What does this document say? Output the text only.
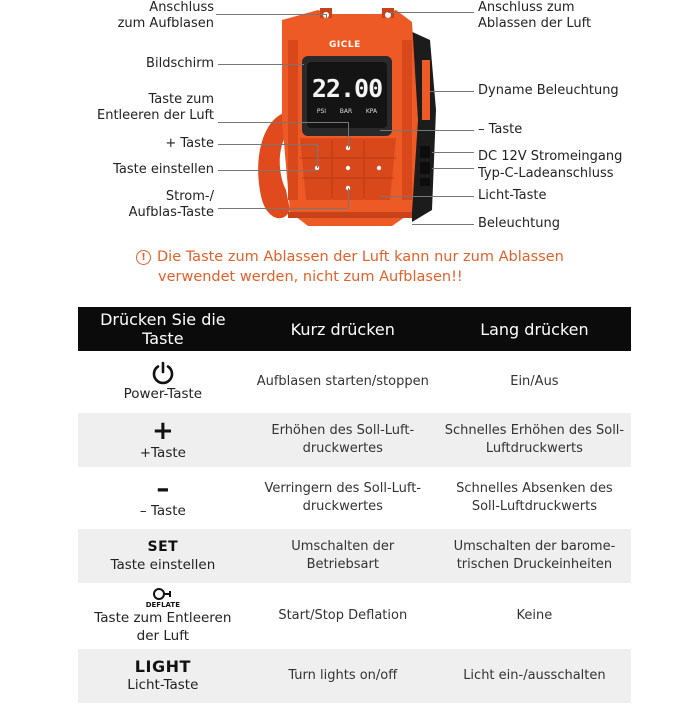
GICLE
22.00
PSI BAR KPA
Anschluss
zum Aufblasen
Bildschirm
Taste zum
Entleeren der Luft
+ Taste
Taste einstellen
Strom-/
Aufblas-Taste
Anschluss zum
Ablassen der Luft
Dyname Beleuchtung
– Taste
DC 12V Stromeingang
Typ-C-Ladeanschluss
Licht-Taste
Beleuchtung
! Die Taste zum Ablassen der Luft kann nur zum Ablassen
verwendet werden, nicht zum Aufblasen!!
Drücken Sie die Taste	Kurz drücken	Lang drücken

Power-Taste	Aufblasen starten/stoppen	Ein/Aus

+
+Taste	Erhöhen des Soll-Luft- druckwertes	Schnelles Erhöhen des Soll-Luftdruckwerts

–
– Taste	Verringern des Soll-Luft- druckwertes	Schnelles Absenken des Soll-Luftdruckwerts

SET
Taste einstellen	Umschalten der Betriebsart	Umschalten der barome- trischen Druckeinheiten

DEFLATE
Taste zum Entleeren der Luft	Start/Stop Deflation	Keine

LIGHT
Licht-Taste	Turn lights on/off	Licht ein-/ausschalten
